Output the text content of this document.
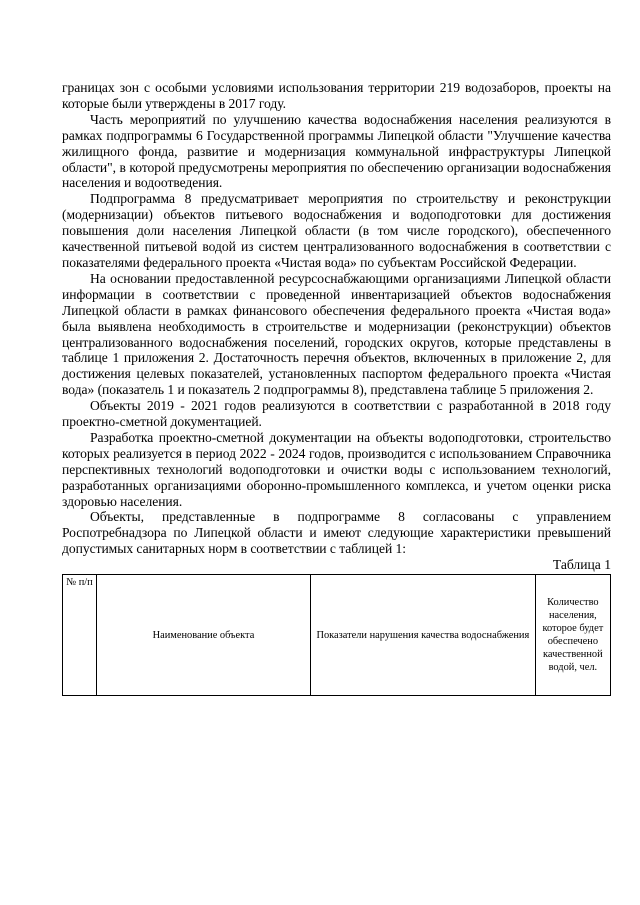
границах зон с особыми условиями использования территории 219 водозаборов, проекты на которые были утверждены в 2017 году.

Часть мероприятий по улучшению качества водоснабжения населения реализуются в рамках подпрограммы 6 Государственной программы Липецкой области "Улучшение качества жилищного фонда, развитие и модернизация коммунальной инфраструктуры Липецкой области", в которой предусмотрены мероприятия по обеспечению организации водоснабжения населения и водоотведения.

Подпрограмма 8 предусматривает мероприятия по строительству и реконструкции (модернизации) объектов питьевого водоснабжения и водоподготовки для достижения повышения доли населения Липецкой области (в том числе городского), обеспеченного качественной питьевой водой из систем централизованного водоснабжения в соответствии с показателями федерального проекта «Чистая вода» по субъектам Российской Федерации.

На основании предоставленной ресурсоснабжающими организациями Липецкой области информации в соответствии с проведенной инвентаризацией объектов водоснабжения Липецкой области в рамках финансового обеспечения федерального проекта «Чистая вода» была выявлена необходимость в строительстве и модернизации (реконструкции) объектов централизованного водоснабжения поселений, городских округов, которые представлены в таблице 1 приложения 2. Достаточность перечня объектов, включенных в приложение 2, для достижения целевых показателей, установленных паспортом федерального проекта «Чистая вода» (показатель 1 и показатель 2 подпрограммы 8), представлена таблице 5 приложения 2.

Объекты 2019 - 2021 годов реализуются в соответствии с разработанной в 2018 году проектно-сметной документацией.

Разработка проектно-сметной документации на объекты водоподготовки, строительство которых реализуется в период 2022 - 2024 годов, производится с использованием Справочника перспективных технологий водоподготовки и очистки воды с использованием технологий, разработанных организациями оборонно-промышленного комплекса, и учетом оценки риска здоровью населения.

Объекты, представленные в подпрограмме 8 согласованы с управлением Роспотребнадзора по Липецкой области и имеют следующие характеристики превышений допустимых санитарных норм в соответствии с таблицей 1:

Таблица 1

№ п/п	Наименование объекта	Показатели нарушения качества водоснабжения	Количество населения, которое будет обеспечено качественной водой, чел.
